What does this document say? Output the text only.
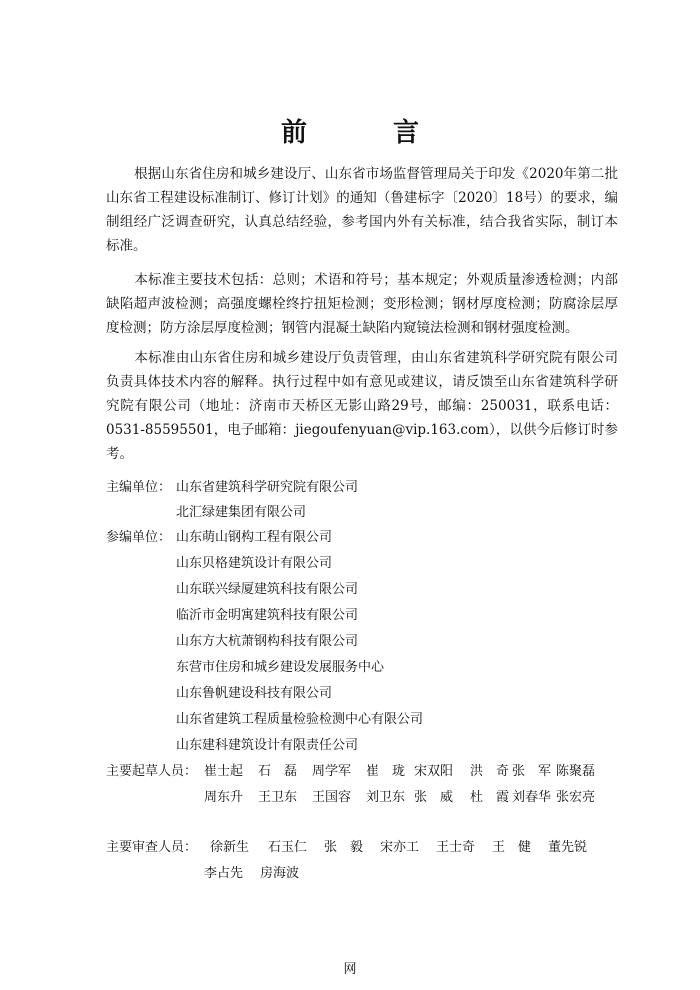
前　言
根据山东省住房和城乡建设厅、山东省市场监督管理局关于印发《2020年第二批山东省工程建设标准制订、修订计划》的通知（鲁建标字〔2020〕18号）的要求，编制组经广泛调查研究，认真总结经验，参考国内外有关标准，结合我省实际，制订本标准。
本标准主要技术包括：总则；术语和符号；基本规定；外观质量渗透检测；内部缺陷超声波检测；高强度螺栓终拧扭矩检测；变形检测；钢材厚度检测；防腐涂层厚度检测；防方涂层厚度检测；钢管内混凝土缺陷内窥镜法检测和钢材强度检测。
本标准由山东省住房和城乡建设厅负责管理，由山东省建筑科学研究院有限公司负责具体技术内容的解释。执行过程中如有意见或建议，请反馈至山东省建筑科学研究院有限公司（地址：济南市天桥区无影山路29号，邮编：250031，联系电话：0531-85595501，电子邮箱：jiegoufenyuan@vip.163.com），以供今后修订时参考。
主编单位： 山东省建筑科学研究院有限公司
北汇绿建集团有限公司
参编单位： 山东萌山钢构工程有限公司
山东贝格建筑设计有限公司
山东联兴绿厦建筑科技有限公司
临沂市金明寓建筑科技有限公司
山东方大杭萧钢构科技有限公司
东营市住房和城乡建设发展服务中心
山东鲁帆建设科技有限公司
山东省建筑工程质量检验检测中心有限公司
山东建科建筑设计有限责任公司
主要起草人员： 崔士起 石　磊 周学军 崔　珑 宋双阳 洪　奇 张　军 陈聚磊
周东升 王卫东 王国容 刘卫东 张　威 杜　霞 刘春华 张宏亮
主要审查人员： 徐新生 石玉仁 张　毅 宋亦工 王士奇 王　健 董先锐
李占先 房海波
网
